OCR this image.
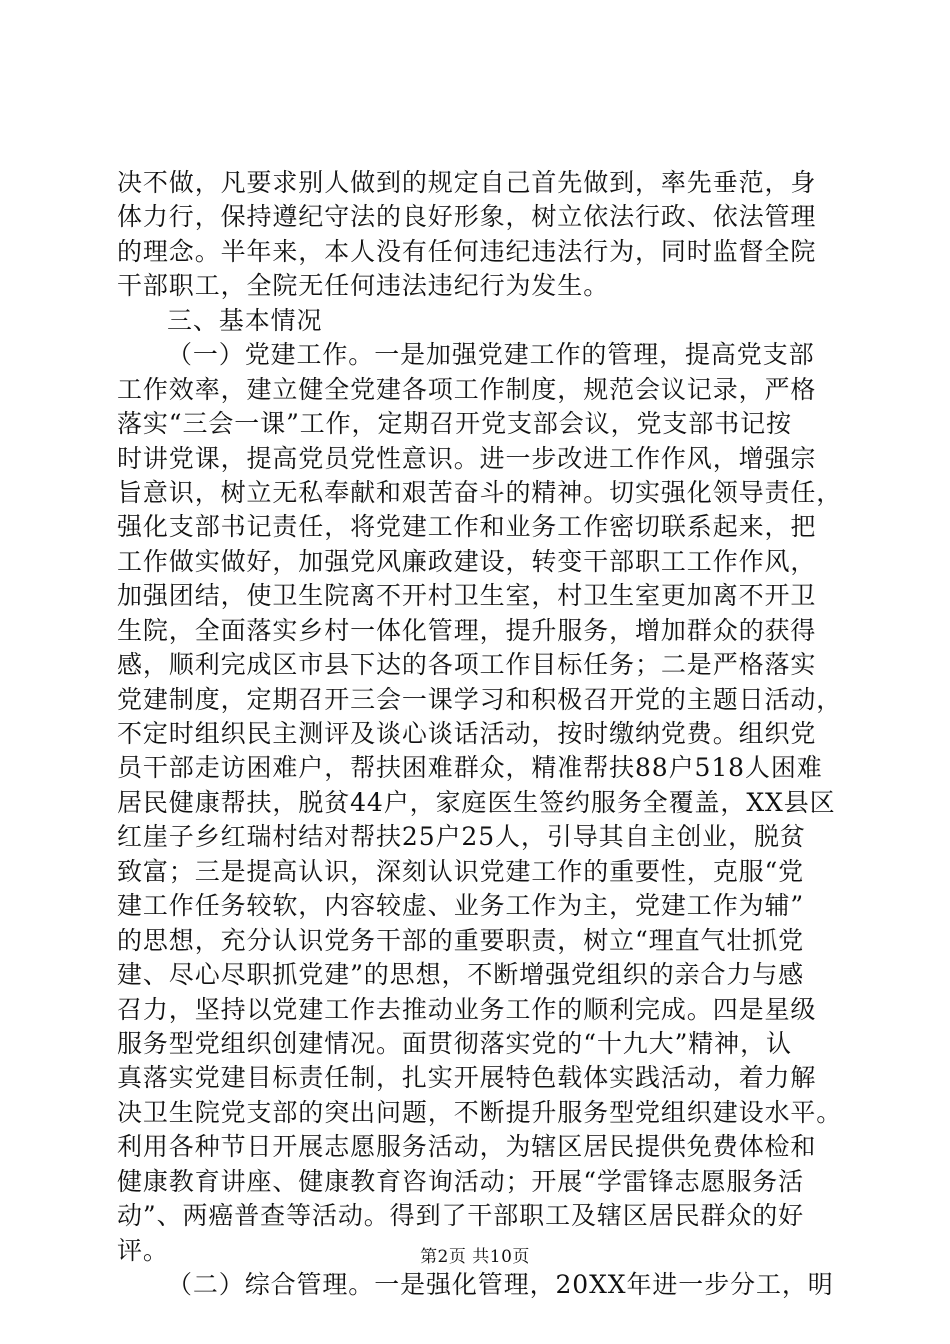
决不做，凡要求别人做到的规定自己首先做到，率先垂范，身
体力行，保持遵纪守法的良好形象，树立依法行政、依法管理
的理念。半年来，本人没有任何违纪违法行为，同时监督全院
干部职工，全院无任何违法违纪行为发生。
三、基本情况
（一）党建工作。一是加强党建工作的管理，提高党支部
工作效率，建立健全党建各项工作制度，规范会议记录，严格
落实“三会一课”工作，定期召开党支部会议，党支部书记按
时讲党课，提高党员党性意识。进一步改进工作作风，增强宗
旨意识，树立无私奉献和艰苦奋斗的精神。切实强化领导责任，
强化支部书记责任，将党建工作和业务工作密切联系起来，把
工作做实做好，加强党风廉政建设，转变干部职工工作作风，
加强团结，使卫生院离不开村卫生室，村卫生室更加离不开卫
生院，全面落实乡村一体化管理，提升服务，增加群众的获得
感，顺利完成区市县下达的各项工作目标任务；二是严格落实
党建制度，定期召开三会一课学习和积极召开党的主题日活动，
不定时组织民主测评及谈心谈话活动，按时缴纳党费。组织党
员干部走访困难户，帮扶困难群众，精准帮扶88户518人困难
居民健康帮扶，脱贫44户，家庭医生签约服务全覆盖，XX县区
红崖子乡红瑞村结对帮扶25户25人，引导其自主创业，脱贫
致富；三是提高认识，深刻认识党建工作的重要性，克服“党
建工作任务较软，内容较虚、业务工作为主，党建工作为辅”
的思想，充分认识党务干部的重要职责，树立“理直气壮抓党
建、尽心尽职抓党建”的思想，不断增强党组织的亲合力与感
召力，坚持以党建工作去推动业务工作的顺利完成。四是星级
服务型党组织创建情况。面贯彻落实党的“十九大”精神，认
真落实党建目标责任制，扎实开展特色载体实践活动，着力解
决卫生院党支部的突出问题，不断提升服务型党组织建设水平。
利用各种节日开展志愿服务活动，为辖区居民提供免费体检和
健康教育讲座、健康教育咨询活动；开展“学雷锋志愿服务活
动”、两癌普查等活动。得到了干部职工及辖区居民群众的好
评。
（二）综合管理。一是强化管理，20XX年进一步分工，明
第2页 共10页
